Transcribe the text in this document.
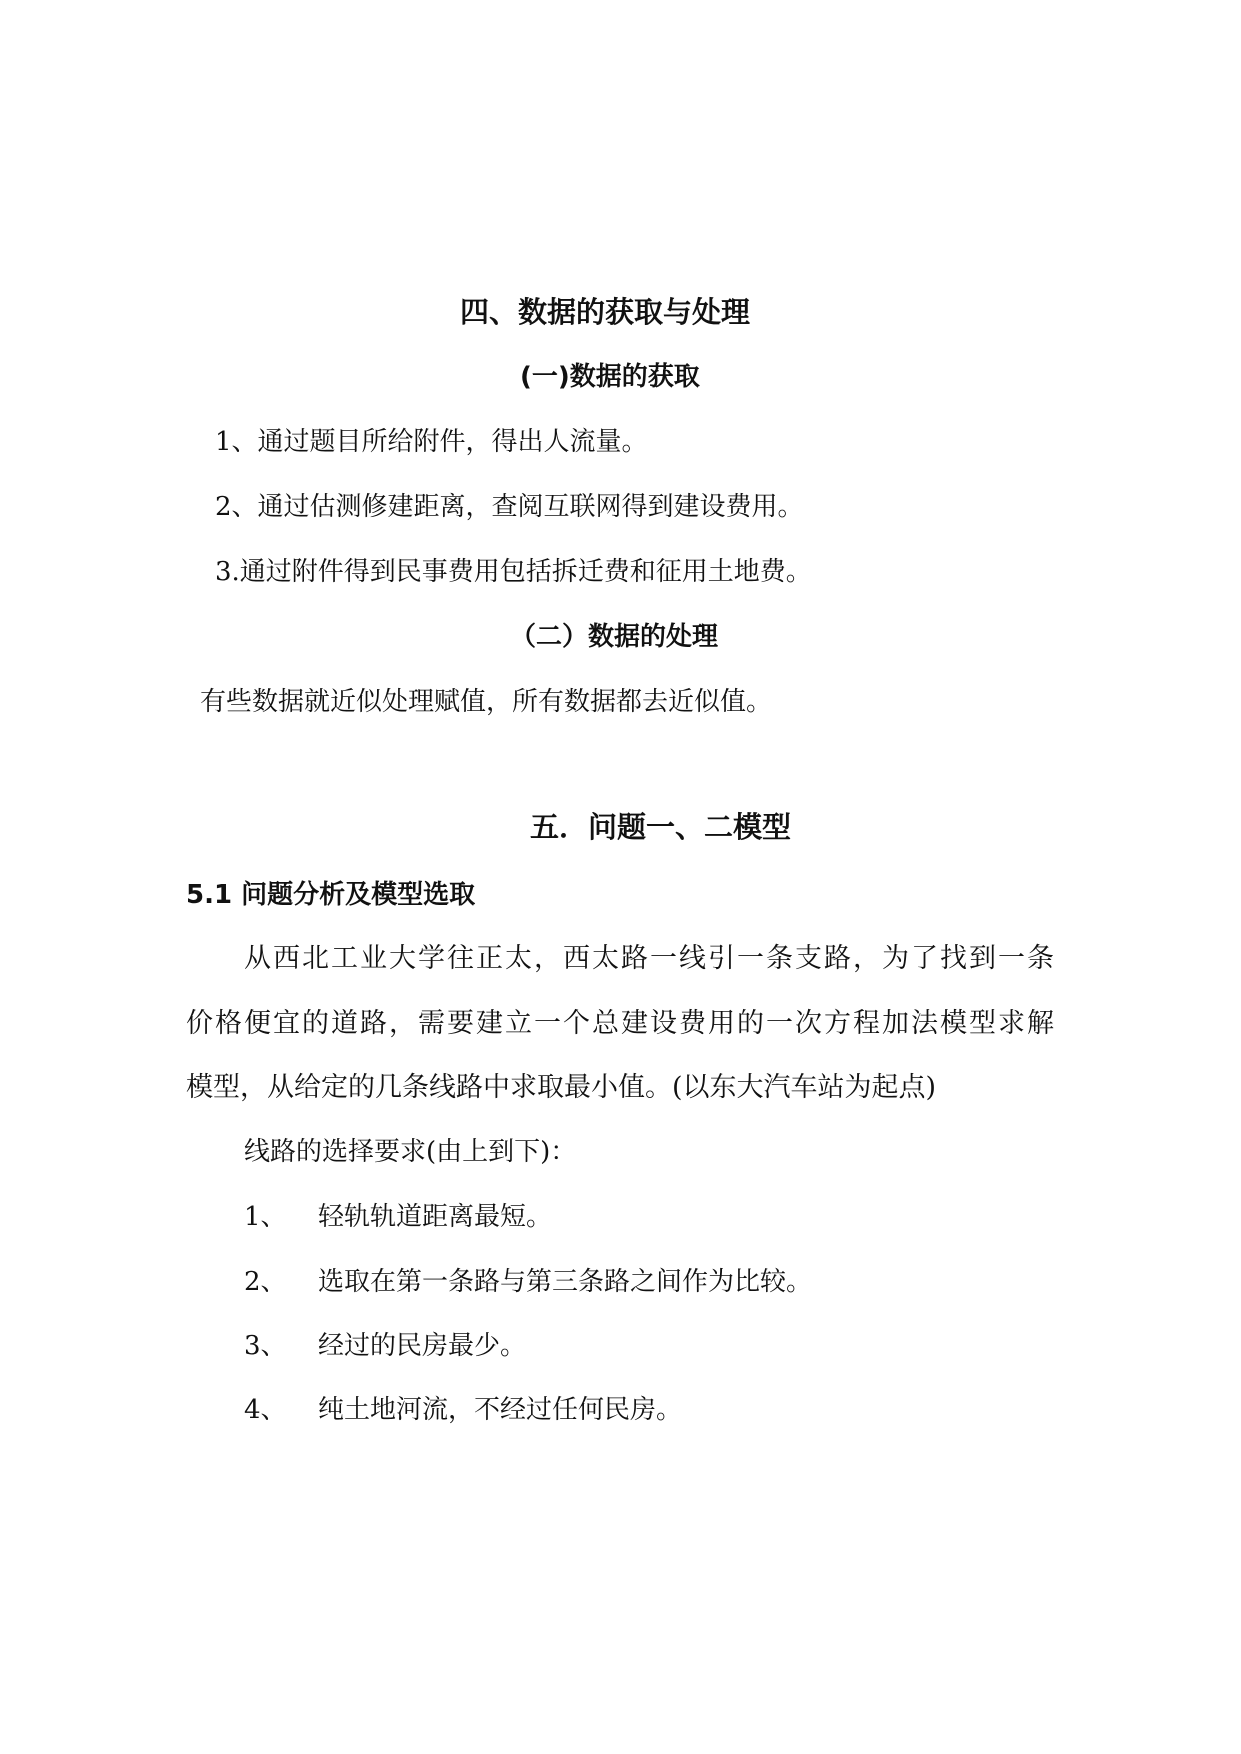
四、数据的获取与处理
(一)数据的获取
1、通过题目所给附件，得出人流量。
2、通过估测修建距离，查阅互联网得到建设费用。
3.通过附件得到民事费用包括拆迁费和征用土地费。
（二）数据的处理
有些数据就近似处理赋值，所有数据都去近似值。
五．问题一、二模型
5.1 问题分析及模型选取
从西北工业大学往正太，西太路一线引一条支路，为了找到一条
价格便宜的道路，需要建立一个总建设费用的一次方程加法模型求解
模型，从给定的几条线路中求取最小值。(以东大汽车站为起点)
线路的选择要求(由上到下)：
1、 轻轨轨道距离最短。
2、 选取在第一条路与第三条路之间作为比较。
3、 经过的民房最少。
4、 纯土地河流，不经过任何民房。
